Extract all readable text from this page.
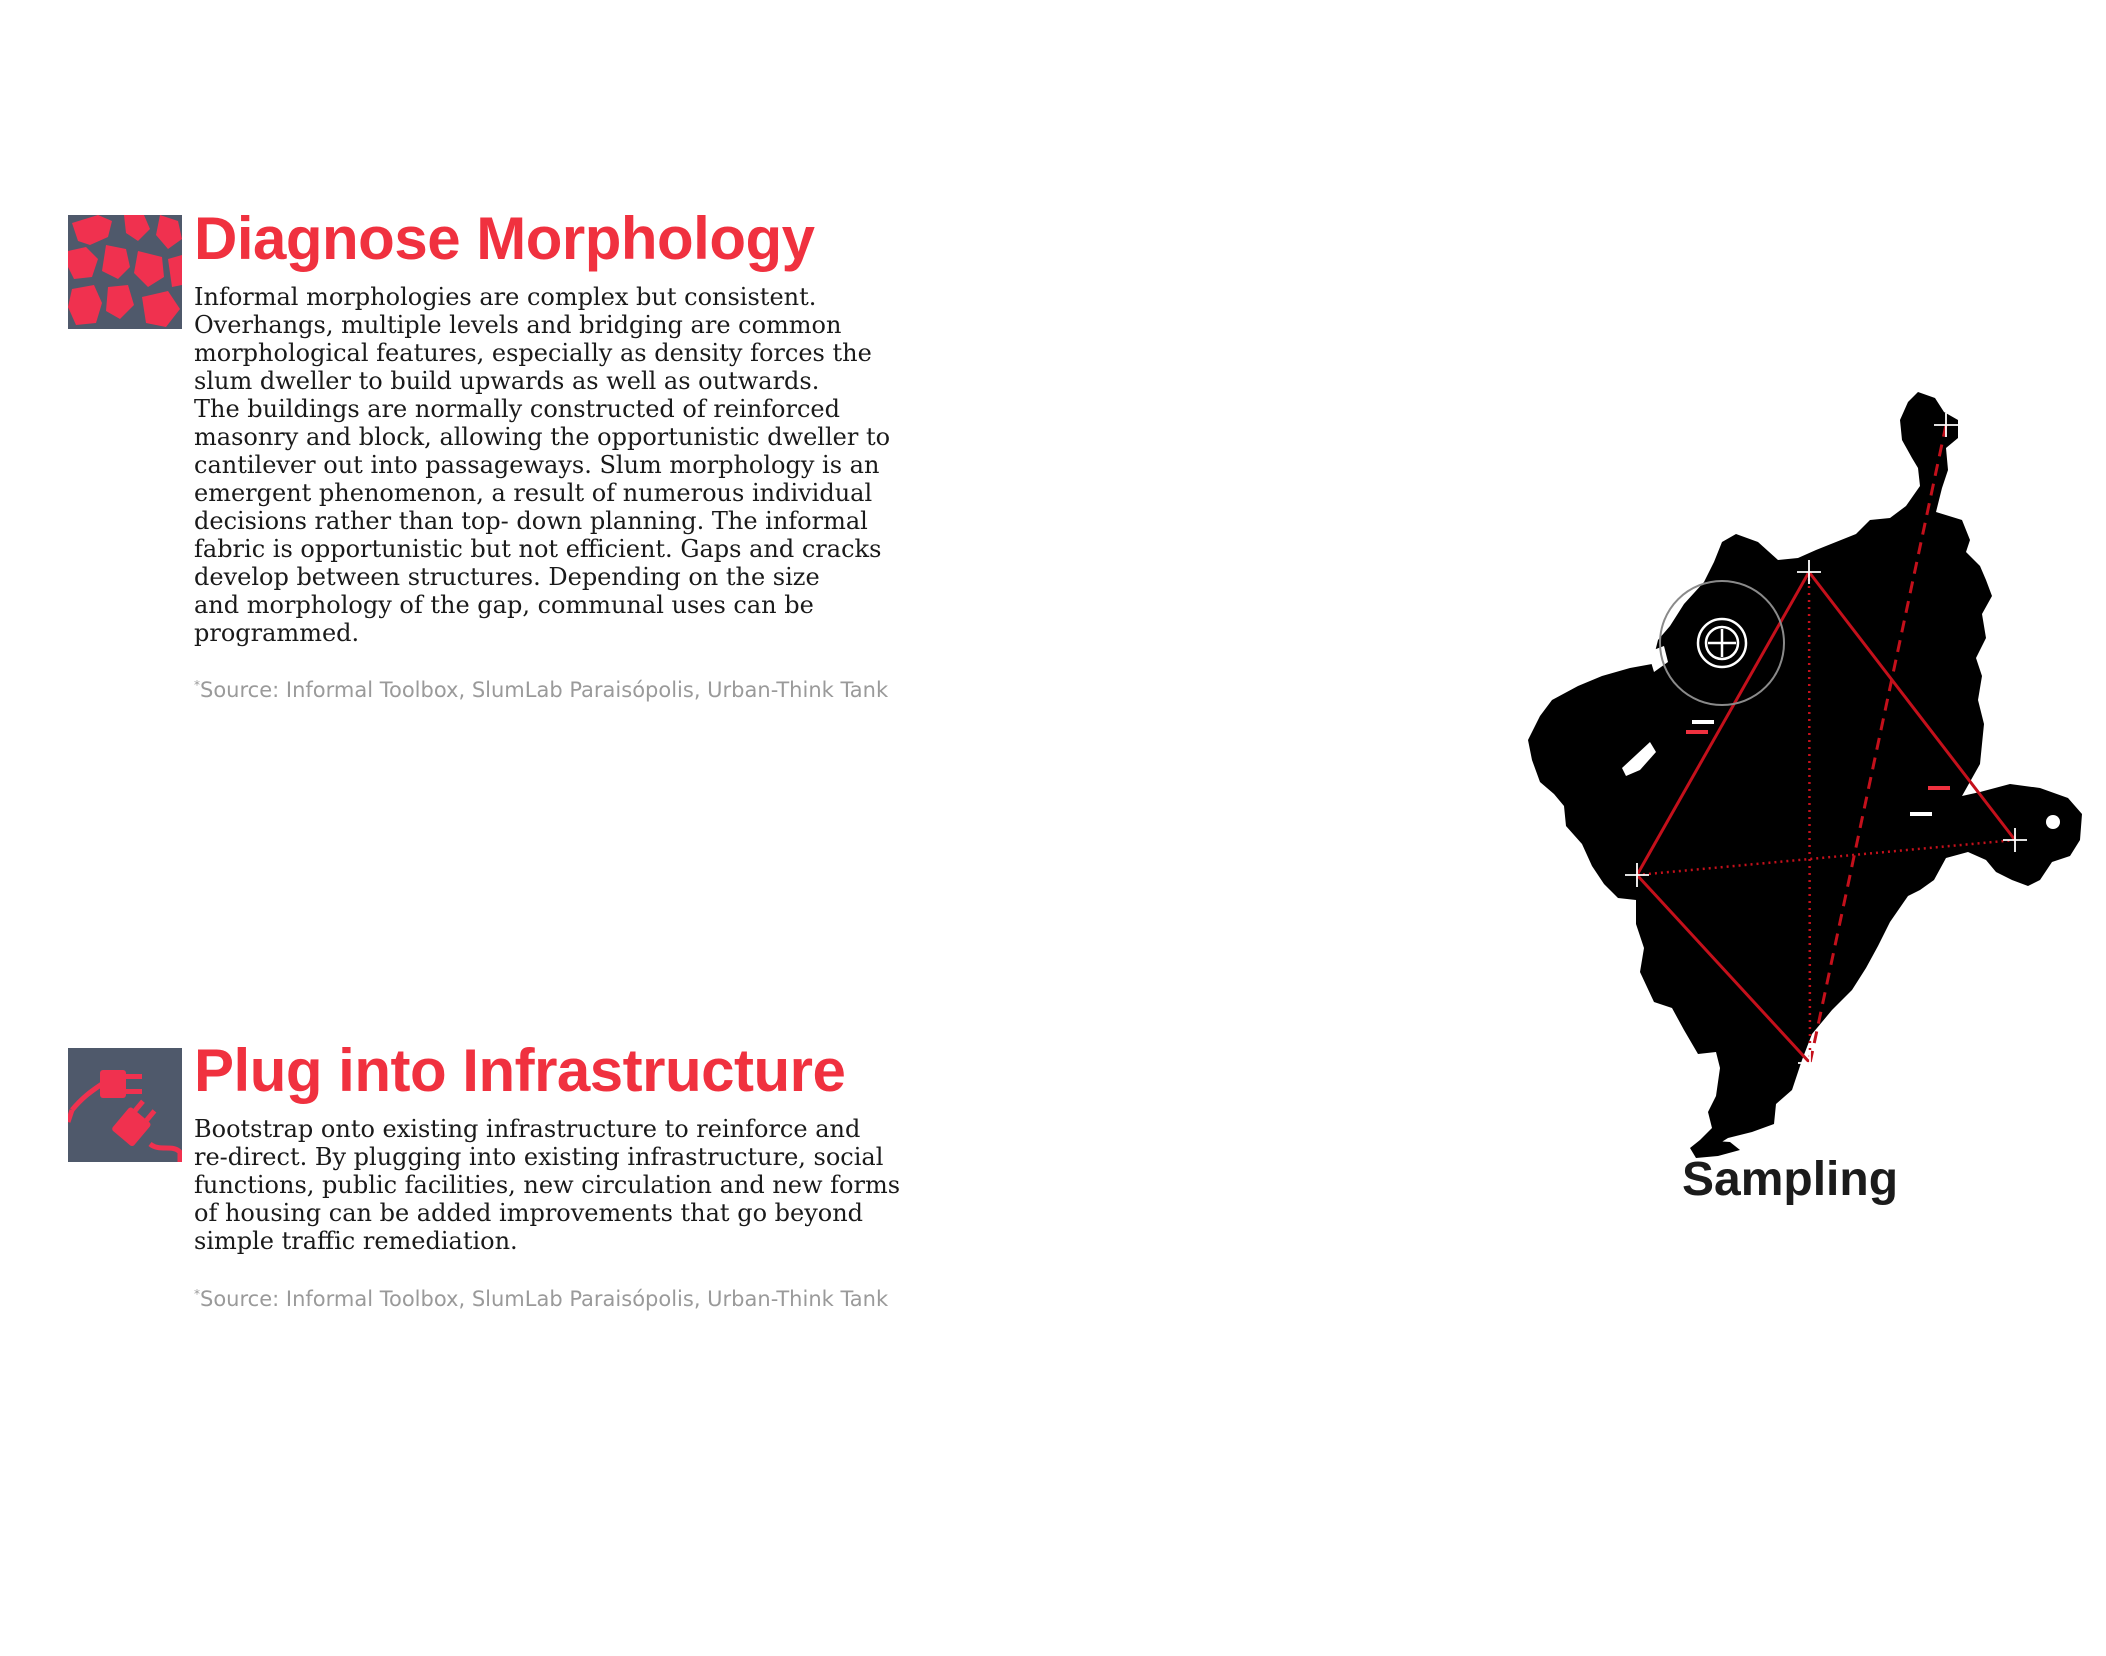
Diagnose Morphology

Informal morphologies are complex but consistent.
Overhangs, multiple levels and bridging are common
morphological features, especially as density forces the
slum dweller to build upwards as well as outwards.
The buildings are normally constructed of reinforced
masonry and block, allowing the opportunistic dweller to
cantilever out into passageways. Slum morphology is an
emergent phenomenon, a result of numerous individual
decisions rather than top- down planning. The informal
fabric is opportunistic but not efficient. Gaps and cracks
develop between structures. Depending on the size
and morphology of the gap, communal uses can be
programmed.

*Source: Informal Toolbox, SlumLab Paraisópolis, Urban-Think Tank

Plug into Infrastructure

Bootstrap onto existing infrastructure to reinforce and
re-direct. By plugging into existing infrastructure, social
functions, public facilities, new circulation and new forms
of housing can be added improvements that go beyond
simple traffic remediation.

*Source: Informal Toolbox, SlumLab Paraisópolis, Urban-Think Tank

Sampling
